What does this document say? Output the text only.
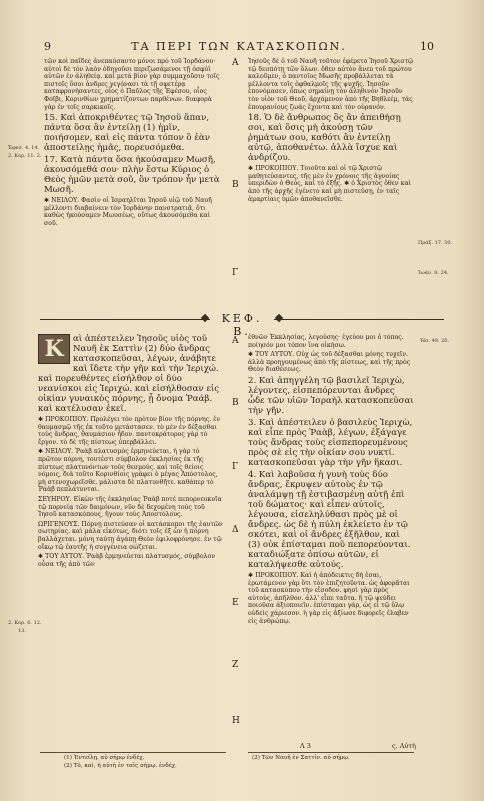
9	ΤΑ ΠΕΡΙ ΤΩΝ ΚΑΤΑΣΚΟΠΩΝ.	10
Ἐφεσ. 4. 14.
2. Κορ. 11. 2.

τῶν κοὶ παῖδες ἀνεπαύσαντο μόνοι πρὸ τοῦ Ἰορδάνου· αὐτοὶ δὲ τὸν λαὸν ὁδηγοῦσι περιζωσάμενοι τῇ ὀσφύϊ αὐτῶν ἐν ἀληθείᾳ. καὶ μετὰ βίον γὰρ συμμαχοῦσιν τοῖς πιστοῖς ὅσοι ἀνδρες γεγόνασι τὰ τῇ σφετέρᾳ καταφρονήσαντες, οἷος ὁ Παῦλος τῆς Ἐφέσου, οἷος Φοῖβι, Κορινθίων χρηματίζοντων παρθένων. διαφορὰ γὰρ ἐν τοῖς σαρκικοῖς.

15. Καὶ ἀποκριθέντες τῷ Ἰησοῦ ἅπαν, πάντα ὅσα ἂν ἐντείλῃ (1) ἡμῖν, ποιήσομεν, καὶ εἰς πάντα τόπον ὃ ἐὰν ἀποστείλῃς ἡμᾶς, πορευσόμεθα.

17. Κατὰ πάντα ὅσα ἠκούσαμεν Μωσῆ, ἀκουσόμεθά σου· πλὴν ἔστω Κύριος ὁ Θεὸς ἡμῶν μετὰ σοῦ, ὃν τρόπον ἦν μετὰ Μωσῆ.

✱ ΝΕΙΛΟΥ. Φασὶν οἱ Ἰσραηλῖται Ἰησοῦ υἱῷ τοῦ Ναυῆ μέλλοντι διαβαίνειν τὸν Ἰορδάνην πανστρατιᾷ, ὅτι καθὼς ἠκούσαμεν Μωυσέως, οὕτως ἀκουσόμεθα καὶ σοῦ.

Α
Β
Γ

Ἰησοῦς δὲ ὁ τοῦ Ναυῆ τοῦτον ἐφέρετο Ἰησοῦ Χριστῷ τῷ δεσπότῃ τῶν ὅλων. ὅθεν αὐτὸν ἄνευ τοῦ πρώτου καλοῦμεν, ὁ παντοῖος Μωσῆς προβάλλεται τὰ μέλλοντα τοῖς ὀφθαλμοῖς τῆς ψυχῆς. Ἰησοῦν ἐπονόμασεν, ὅπως σημαίνῃ τὸν ἀληθινὸν Ἰησοῦν τὸν υἱὸν τοῦ Θεοῦ, ἀρχόμενον ἀπὸ τῆς Βηθλεέμ, τὰς ἐπουρανίους ζωὰς ἔχοντα καὶ τὸν οὐρανόν.

18. Ὁ δὲ ἄνθρωπος ὃς ἂν ἀπειθήσῃ σοι, καὶ ὅσις μὴ ἀκούσῃ τῶν ῥημάτων σου, καθότι ἂν ἐντείλῃ αὐτῷ, ἀποθανέτω. ἀλλὰ ἴσχυε καὶ ἀνδρίζου.

✱ ΠΡΟΚΟΠΙΟΥ. Τοιοῦτα καὶ οἱ τῷ Χριστῷ μαθητεύσαντες, τῆς μὲν ἐν χρόνοις τῆς ἀγνοίας ὑπεριδὼν ὁ Θεός, καὶ τὸ ἐξῆς. ✱ ὁ Χριστὸς ὅθεν καὶ ἀπὸ τῆς ἀρχῆς ἐγένετο καὶ μὴ πιστεύσῃ, ἐν ταῖς ἁμαρτίαις ὑμῶν ἀποθανεῖσθε.

Πράξ. 17. 30.
Ἰωάν. 8. 24.
ΚΕΦ. Β.
2. Κορ. 6. 12.
13.

Κ	αὶ ἀπέστειλεν Ἰησοῦς υἱὸς τοῦ Ναυῆ ἐκ Σαττὶν (2) δύο ἄνδρας κατασκοπεῦσαι, λέγων, ἀνάβητε καὶ ἴδετε τὴν γῆν καὶ τὴν Ἱεριχώ. καὶ πορευθέντες εἰσήλθον οἱ δύο νεανίσκοι εἰς Ἱεριχώ. καὶ εἰσήλθοσαν εἰς οἰκίαν γυναικὸς πόρνης, ᾗ ὄνομα Ῥαάβ. καὶ κατέλυσαν ἐκεῖ.

✱ ΠΡΟΚΟΠΙΟΥ. Προλέγει τὸν πρὸτον βίον τῆς πόρνης. ἐν θαυμασμῷ τῆς ἐκ τοῦτο μετάστασεν. τὸ μὲν ἐν δέξασθαι τοὺς ἄνδρας, θαυμάσιον ἦδον. παντοκράτορος γὰρ τὸ ἔργον. τὸ δὲ τῆς πίστεως ὑπερβάλλει.

✱ ΝΕΙΛΟΥ. Ῥαὰβ πλατυσμὸς ἑρμηνεύεται, ἡ γὰρ τὸ πρῶτον πόρνη, τουτέστι σύμβολον ἐκκλησίας ἐκ τῆς πίστεως πλατυνόντων τοὺς θεσμούς. καὶ τοῖς θείοις νόμοις, διὰ τοῦτο Κορινθίοις γράφει ὁ μέγας Ἀπόστολος, μὴ στενοχωρεῖσθε. μάλιστα δὲ πλατυνθῆτε. καθάπερ τὸ Ῥαὰβ πεπλάτυνται.

ΣΕΥΗΡΟΥ. Εἰκὼν τῆς ἐκκλησίας Ῥαὰβ ποτὲ πεπορνευκυῖα τῷ πορνείᾳ τῶν δαιμόνων, νῦν δὲ δεχομένη τοὺς τοῦ Ἰησοῦ κατασκόπους, ἤγουν τοὺς Ἀποστόλους.

ΩΡΙΓΕΝΟΥΣ. Πόρνῃ πιστεύσαν οἱ κατάσκοποι τῆς ἑαυτῶν σωτηρίας. καὶ μάλα εἰκότως, διότι τοῖς ἐξ ὧν ἡ πόρνη βαλλάχεται. μόνη ταύτῃ ἀγάπῃ Θεὸν ἐφιλοφρόνησε. ἐν τῷ οἴκῳ τῷ ἐαυτῆς ἡ συγγένεια σώζεται.

✱ ΤΟΥ ΑΥΤΟΥ. Ῥαὰβ ἑρμηνεύεται πλατυσμός, σύμβολον οὖσα τῆς ἀπὸ τῶν

Α
Β
Γ
Δ
Ε
Ζ
Η

ἐθνῶν Ἐκκλησίας, λεγούσης· ἐγεύου μοι ὁ τόπος. ποίησόν μοι τόπον ἵνα οἰκήσω.

✱ ΤΟΥ ΑΥΤΟΥ. Οὐχ ὡς τοῦ δέξασθαι μόνης τυχεῖν. ἀλλὰ προηγουμένως ἀπὸ τῆς πίστεως, καὶ τῆς πρὸς Θεὸν διαθέσεως.

2. Καὶ ἀπηγγέλη τῷ βασιλεῖ Ἱεριχὼ, λέγοντες, εἰσπεπόρευνται ἄνδρες ὧδε τῶν υἱῶν Ἰσραὴλ κατασκοπεῦσαι τὴν γῆν.

3. Καὶ ἀπέστειλεν ὁ βασιλεὺς Ἱεριχὼ, καὶ εἶπε πρὸς Ῥαὰβ, λέγων, ἐξάγαγε τοὺς ἄνδρας τοὺς εἰσπεπορευμένους πρὸς σὲ εἰς τὴν οἰκίαν σου νυκτί. κατασκοπεῦσαι γὰρ τὴν γῆν ἥκασι.

4. Καὶ λαβοῦσα ἡ γυνὴ τοὺς δύο ἄνδρας, ἔκρυψεν αὐτοὺς ἐν τῷ ἀναλάμψῃ τῇ ἐστιβασμένῃ αὐτῇ ἐπὶ τοῦ δώματος· καὶ εἶπεν αὐτοῖς, λέγουσα, εἰσεληλύθασι πρὸς μὲ οἱ ἄνδρες. ὡς δὲ ἡ πύλη ἐκλείετο ἐν τῷ σκότει, καὶ οἱ ἄνδρες ἐξῆλθον, καὶ (3) οὐκ ἐπίσταμαι ποῦ πεπορεύονται. καταδιώξατε ὀπίσω αὐτῶν, εἰ καταλήψεσθε αὐτούς.

✱ ΠΡΟΚΟΠΙΟΥ. Καὶ ἡ ἀπόδεικτις δὴ ἐσαι, ἐρωτάμενον γὰρ ὅτι τὸν ἐπιζητοῦντα. ὡς ἀφορᾶται τοῦ κατασκόπου τὴν εἴσοδον. φησὶ γὰρ πρὸς αὐτοὺς, ἀπῆλθον. ἀλλ' εἶπε ταῦτα. ἢ τῷ ψεύδει ποιοῦσα ἀξιοποιεῖν. ἐπίσταμαι γάρ, ὡς εἰ τῷ ὅλῳ οὐδεὶς χάριεσον. ἡ γὰρ εἰς ἀξίωσε διφορεῖς ἐλαβεν εἰς ἀνθρώπῳ.

Ἠσ. 49. 20.
(1) Ἐντείλῃ. αὐ σήμῳ ἐνδέχ.
(2) Τό, καὶ, ἡ αὐτὴ ἐν ταῖς σήμῳ. ἐνδέχ.
(2) Τῶν Ναυῆ ἐν Σαττίν. αὐ σήμῳ.
Λ 3	ς. Αὐτὴ
